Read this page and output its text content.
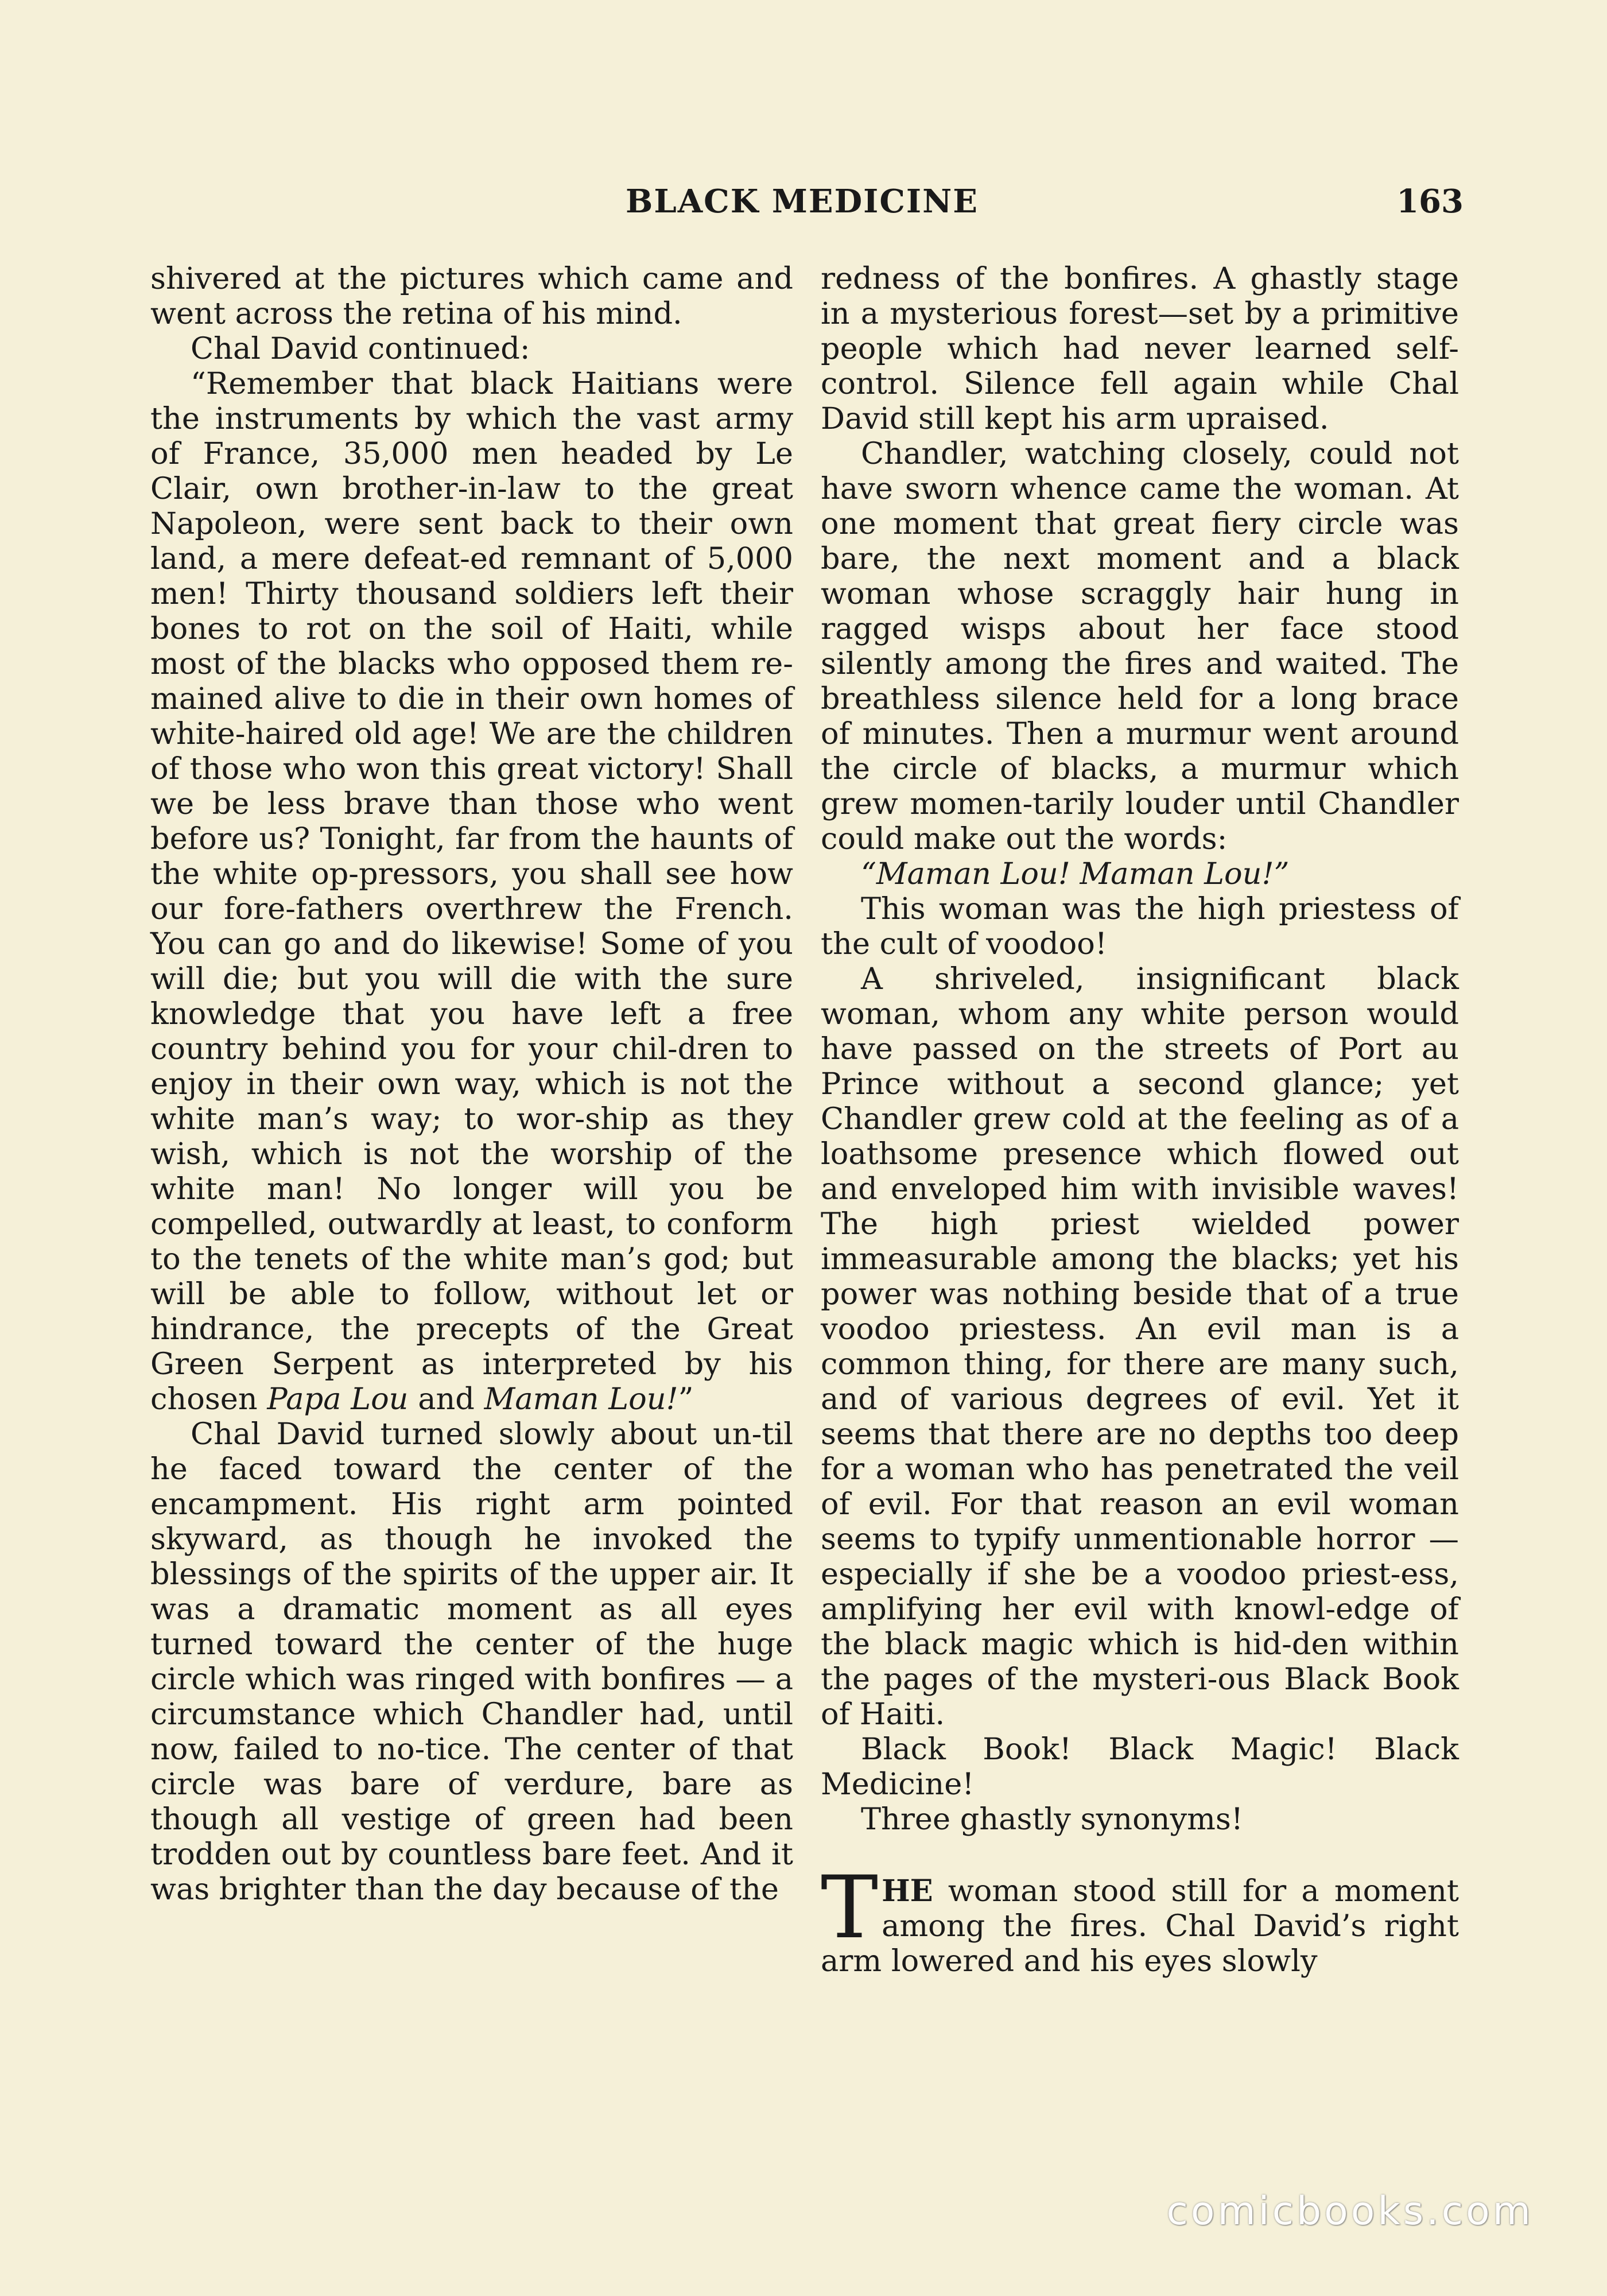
BLACK MEDICINE	163

shivered at the pictures which came and went across the retina of his mind.

Chal David continued:

“Remember that black Haitians were the instruments by which the vast army of France, 35,000 men headed by Le Clair, own brother-in-law to the great Napoleon, were sent back to their own land, a mere defeat-ed remnant of 5,000 men! Thirty thousand soldiers left their bones to rot on the soil of Haiti, while most of the blacks who opposed them re-mained alive to die in their own homes of white-haired old age! We are the children of those who won this great victory! Shall we be less brave than those who went before us? Tonight, far from the haunts of the white op-pressors, you shall see how our fore-fathers overthrew the French. You can go and do likewise! Some of you will die; but you will die with the sure knowledge that you have left a free country behind you for your chil-dren to enjoy in their own way, which is not the white man’s way; to wor-ship as they wish, which is not the worship of the white man! No longer will you be compelled, outwardly at least, to conform to the tenets of the white man’s god; but will be able to follow, without let or hindrance, the precepts of the Great Green Serpent as interpreted by his chosen Papa Lou and Maman Lou!”

Chal David turned slowly about un-til he faced toward the center of the encampment. His right arm pointed skyward, as though he invoked the blessings of the spirits of the upper air. It was a dramatic moment as all eyes turned toward the center of the huge circle which was ringed with bonfires — a circumstance which Chandler had, until now, failed to no-tice. The center of that circle was bare of verdure, bare as though all vestige of green had been trodden out by countless bare feet. And it was brighter than the day because of the

redness of the bonfires. A ghastly stage in a mysterious forest—set by a primitive people which had never learned self-control. Silence fell again while Chal David still kept his arm upraised.

Chandler, watching closely, could not have sworn whence came the woman. At one moment that great fiery circle was bare, the next moment and a black woman whose scraggly hair hung in ragged wisps about her face stood silently among the fires and waited. The breathless silence held for a long brace of minutes. Then a murmur went around the circle of blacks, a murmur which grew momen-tarily louder until Chandler could make out the words:

“Maman Lou! Maman Lou!”

This woman was the high priestess of the cult of voodoo!

A shriveled, insignificant black woman, whom any white person would have passed on the streets of Port au Prince without a second glance; yet Chandler grew cold at the feeling as of a loathsome presence which flowed out and enveloped him with invisible waves! The high priest wielded power immeasurable among the blacks; yet his power was nothing beside that of a true voodoo priestess. An evil man is a common thing, for there are many such, and of various degrees of evil. Yet it seems that there are no depths too deep for a woman who has penetrated the veil of evil. For that reason an evil woman seems to typify unmentionable horror —especially if she be a voodoo priest-ess, amplifying her evil with knowl-edge of the black magic which is hid-den within the pages of the mysteri-ous Black Book of Haiti.

Black Book! Black Magic! Black Medicine!

Three ghastly synonyms!

THE woman stood still for a moment among the fires. Chal David’s right arm lowered and his eyes slowly

comicbooks.com
